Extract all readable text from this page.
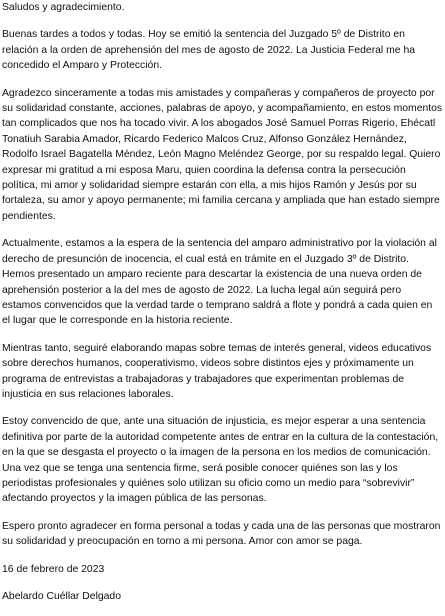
Saludos y agradecimiento.

Buenas tardes a todos y todas. Hoy se emitió la sentencia del Juzgado 5º de Distrito en relación a la orden de aprehensión del mes de agosto de 2022. La Justicia Federal me ha concedido el Amparo y Protección.

Agradezco sinceramente a todas mis amistades y compañeras y compañeros de proyecto por su solidaridad constante, acciones, palabras de apoyo, y acompañamiento, en estos momentos tan complicados que nos ha tocado vivir. A los abogados José Samuel Porras Rigerio, Ehécatl Tonatiuh Sarabia Amador, Ricardo Federico Malcos Cruz, Alfonso González Hernández, Rodolfo Israel Bagatella Méndez, León Magno Meléndez George, por su respaldo legal. Quiero expresar mi gratitud a mi esposa Maru, quien coordina la defensa contra la persecución política, mi amor y solidaridad siempre estarán con ella, a mis hijos Ramón y Jesús por su fortaleza, su amor y apoyo permanente; mi familia cercana y ampliada que han estado siempre pendientes.

Actualmente, estamos a la espera de la sentencia del amparo administrativo por la violación al derecho de presunción de inocencia, el cual está en trámite en el Juzgado 3º de Distrito. Hemos presentado un amparo reciente para descartar la existencia de una nueva orden de aprehensión posterior a la del mes de agosto de 2022. La lucha legal aún seguirá pero estamos convencidos que la verdad tarde o temprano saldrá a flote y pondrá a cada quien en el lugar que le corresponde en la historia reciente.

Mientras tanto, seguiré elaborando mapas sobre temas de interés general, videos educativos sobre derechos humanos, cooperativismo, videos sobre distintos ejes y próximamente un programa de entrevistas a trabajadoras y trabajadores que experimentan problemas de injusticia en sus relaciones laborales.

Estoy convencido de que, ante una situación de injusticia, es mejor esperar a una sentencia definitiva por parte de la autoridad competente antes de entrar en la cultura de la contestación, en la que se desgasta el proyecto o la imagen de la persona en los medios de comunicación. Una vez que se tenga una sentencia firme, será posible conocer quiénes son las y los periodistas profesionales y quiénes solo utilizan su oficio como un medio para “sobrevivir” afectando proyectos y la imagen pública de las personas.

Espero pronto agradecer en forma personal a todas y cada una de las personas que mostraron su solidaridad y preocupación en torno a mi persona. Amor con amor se paga.

16 de febrero de 2023

Abelardo Cuéllar Delgado
